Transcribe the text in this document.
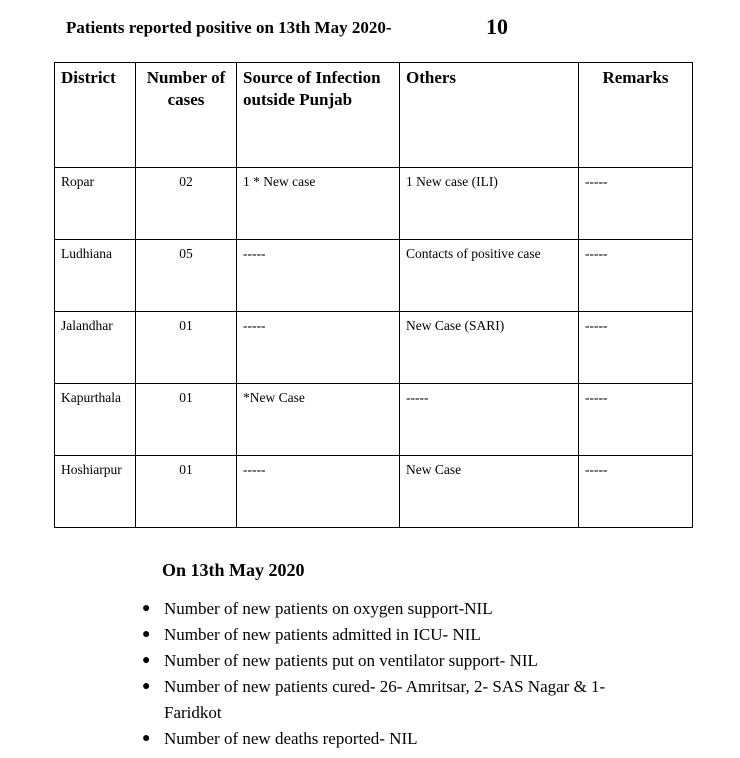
Patients reported positive on 13th May 2020-	10
District	Number of cases	Source of Infection outside Punjab	Others	Remarks
Ropar	02	1 * New case	1 New case (ILI)	-----
Ludhiana	05	-----	Contacts of positive case	-----
Jalandhar	01	-----	New Case (SARI)	-----
Kapurthala	01	*New Case	-----	-----
Hoshiarpur	01	-----	New Case	-----
On 13th May 2020
● Number of new patients on oxygen support-NIL
● Number of new patients admitted in ICU- NIL
● Number of new patients put on ventilator support- NIL
● Number of new patients cured- 26- Amritsar, 2- SAS Nagar & 1-Faridkot
● Number of new deaths reported- NIL
